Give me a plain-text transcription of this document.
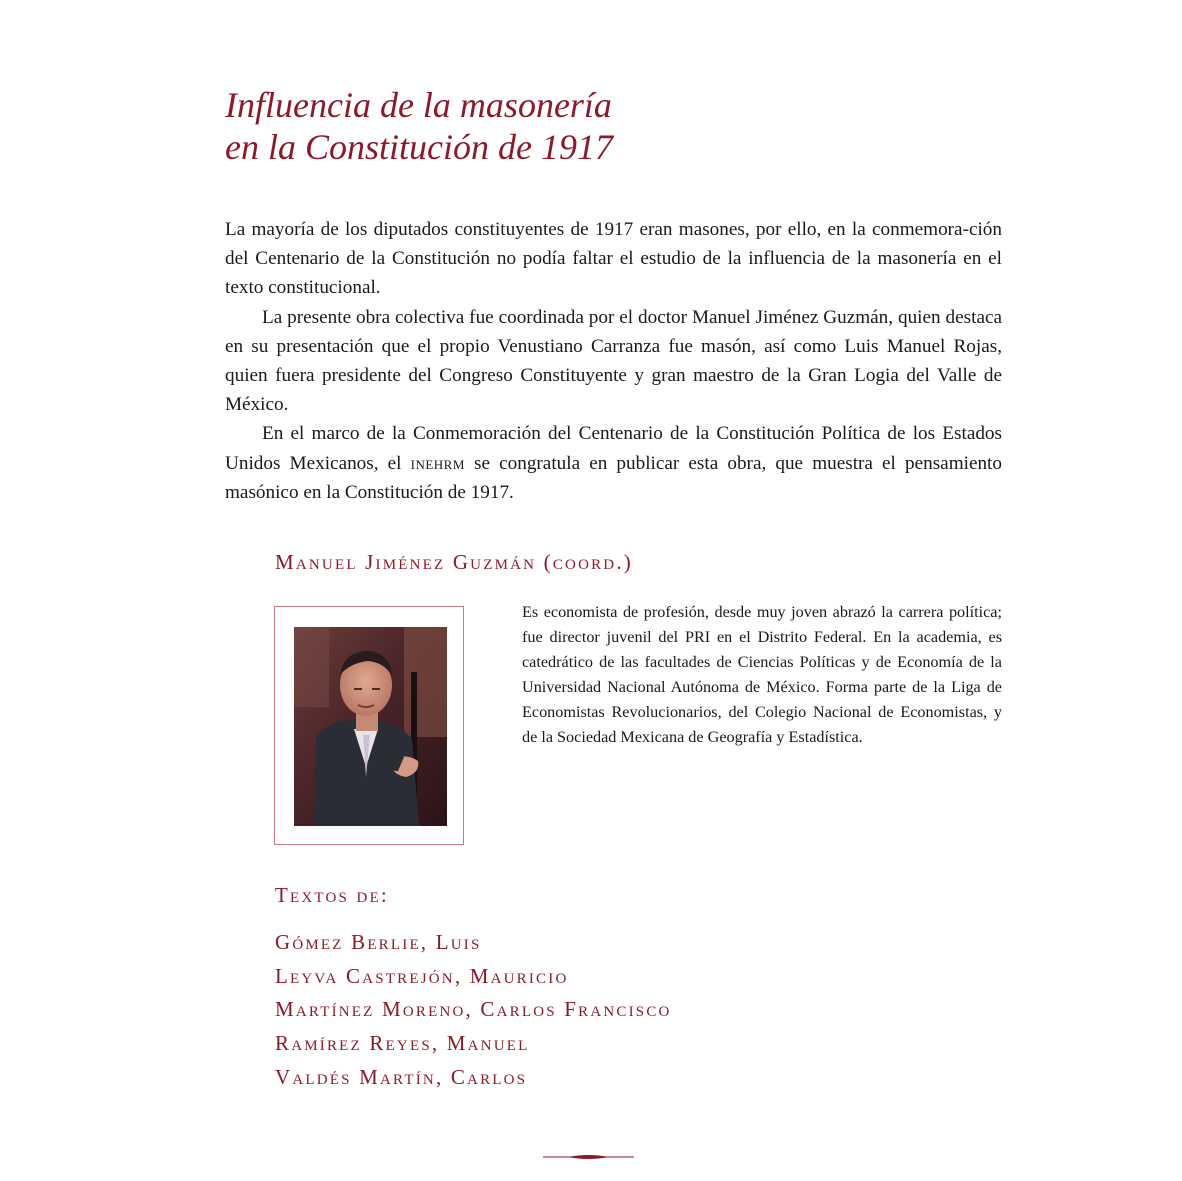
Influencia de la masonería
en la Constitución de 1917

La mayoría de los diputados constituyentes de 1917 eran masones, por ello, en la conmemora-ción del Centenario de la Constitución no podía faltar el estudio de la influencia de la masonería en el texto constitucional.

La presente obra colectiva fue coordinada por el doctor Manuel Jiménez Guzmán, quien destaca en su presentación que el propio Venustiano Carranza fue masón, así como Luis Manuel Rojas, quien fuera presidente del Congreso Constituyente y gran maestro de la Gran Logia del Valle de México.

En el marco de la Conmemoración del Centenario de la Constitución Política de los Estados Unidos Mexicanos, el inehrm se congratula en publicar esta obra, que muestra el pensamiento masónico en la Constitución de 1917.

Manuel Jiménez Guzmán (coord.)
Es economista de profesión, desde muy joven abrazó la carrera política; fue director juvenil del PRI en el Distrito Federal. En la academia, es catedrático de las facultades de Ciencias Políticas y de Economía de la Universidad Nacional Autónoma de México. Forma parte de la Liga de Economistas Revolucionarios, del Colegio Nacional de Economistas, y de la Sociedad Mexicana de Geografía y Estadística.
Textos de:
Gómez Berlie, Luis
Leyva Castrejón, Mauricio
Martínez Moreno, Carlos Francisco
Ramírez Reyes, Manuel
Valdés Martín, Carlos
